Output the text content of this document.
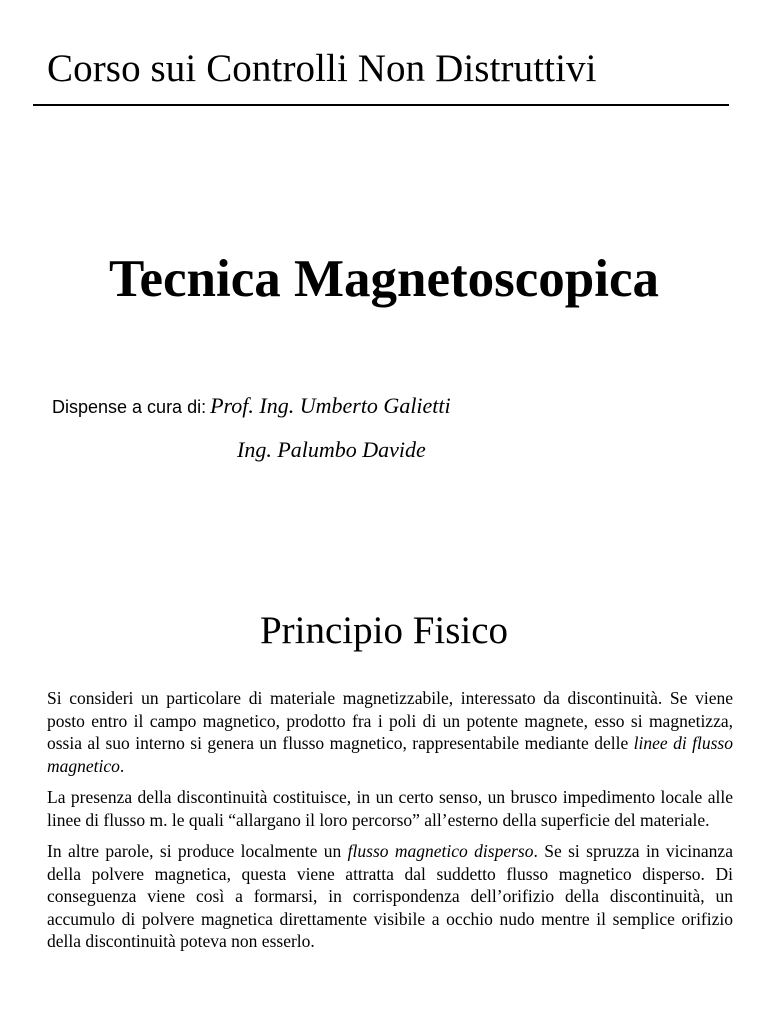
Corso sui Controlli Non Distruttivi
Tecnica Magnetoscopica
Dispense a cura di: Prof. Ing. Umberto Galietti
Ing. Palumbo Davide
Principio Fisico

Si consideri un particolare di materiale magnetizzabile, interessato da discontinuità. Se viene posto entro il campo magnetico, prodotto fra i poli di un potente magnete, esso si magnetizza, ossia al suo interno si genera un flusso magnetico, rappresentabile mediante delle linee di flusso magnetico.

La presenza della discontinuità costituisce, in un certo senso, un brusco impedimento locale alle linee di flusso m. le quali “allargano il loro percorso” all’esterno della superficie del materiale.

In altre parole, si produce localmente un flusso magnetico disperso. Se si spruzza in vicinanza della polvere magnetica, questa viene attratta dal suddetto flusso magnetico disperso. Di conseguenza viene così a formarsi, in corrispondenza dell’orifizio della discontinuità, un accumulo di polvere magnetica direttamente visibile a occhio nudo mentre il semplice orifizio della discontinuità poteva non esserlo.
